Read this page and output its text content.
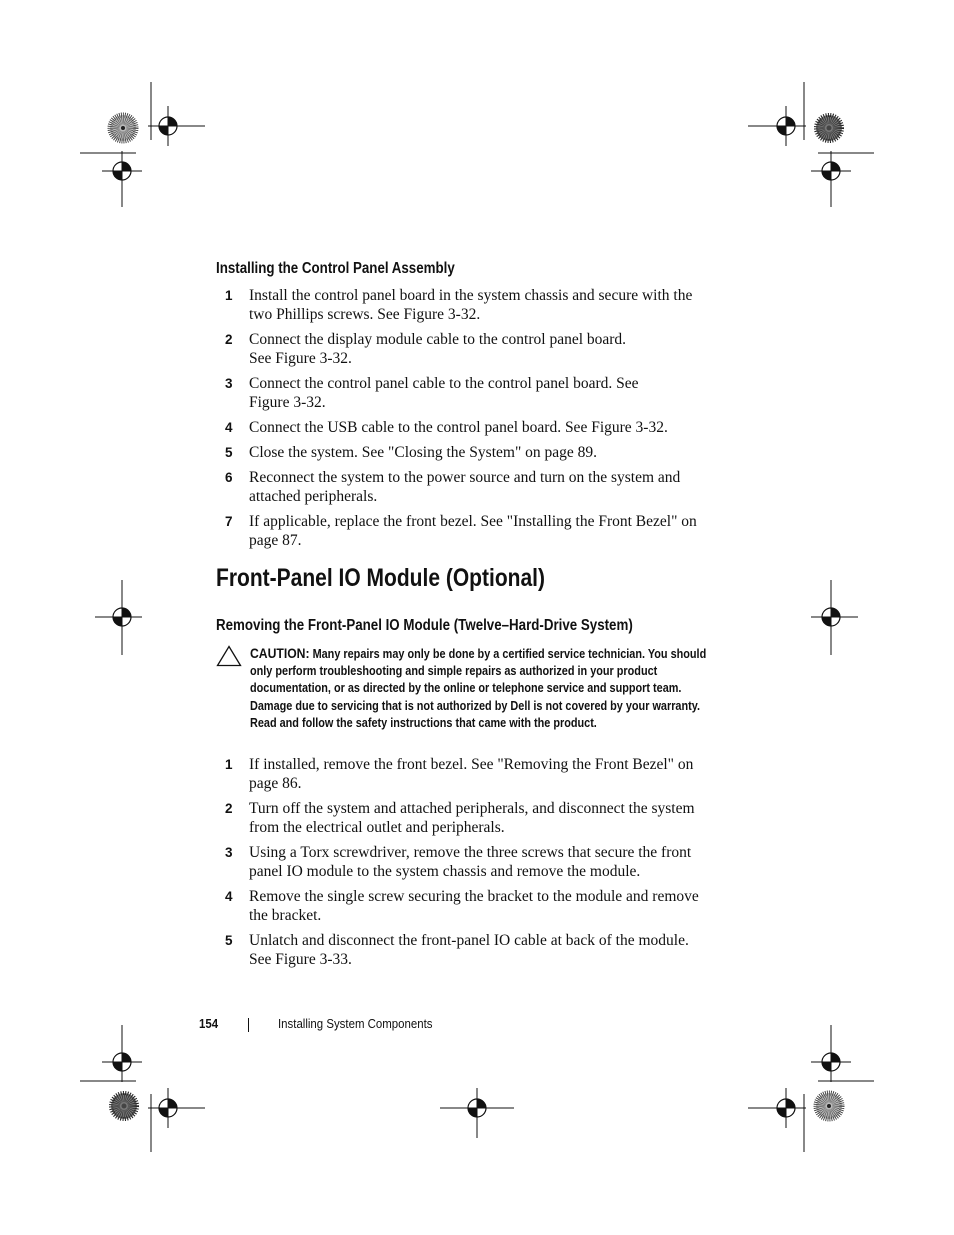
Installing the Control Panel Assembly
1	Install the control panel board in the system chassis and secure with the two Phillips screws. See Figure 3-32.
2	Connect the display module cable to the control panel board. See Figure 3-32.
3	Connect the control panel cable to the control panel board. See Figure 3-32.
4	Connect the USB cable to the control panel board. See Figure 3-32.
5	Close the system. See "Closing the System" on page 89.
6	Reconnect the system to the power source and turn on the system and attached peripherals.
7	If applicable, replace the front bezel. See "Installing the Front Bezel" on page 87.
Front-Panel IO Module (Optional)
Removing the Front-Panel IO Module (Twelve–Hard-Drive System)
CAUTION: Many repairs may only be done by a certified service technician. You should only perform troubleshooting and simple repairs as authorized in your product documentation, or as directed by the online or telephone service and support team. Damage due to servicing that is not authorized by Dell is not covered by your warranty. Read and follow the safety instructions that came with the product.
1	If installed, remove the front bezel. See "Removing the Front Bezel" on page 86.
2	Turn off the system and attached peripherals, and disconnect the system from the electrical outlet and peripherals.
3	Using a Torx screwdriver, remove the three screws that secure the front panel IO module to the system chassis and remove the module.
4	Remove the single screw securing the bracket to the module and remove the bracket.
5	Unlatch and disconnect the front-panel IO cable at back of the module. See Figure 3-33.
154	Installing System Components
